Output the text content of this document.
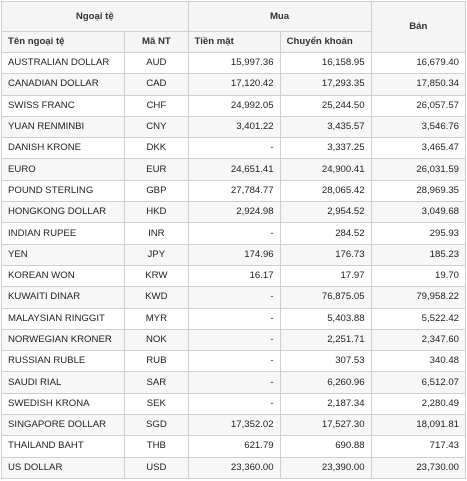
Ngoại tệ		Mua		Bán
Tên ngoại tệ	Mã NT	Tiền mặt	Chuyển khoản	
AUSTRALIAN DOLLAR	AUD	15,997.36	16,158.95	16,679.40
CANADIAN DOLLAR	CAD	17,120.42	17,293.35	17,850.34
SWISS FRANC	CHF	24,992.05	25,244.50	26,057.57
YUAN RENMINBI	CNY	3,401.22	3,435.57	3,546.76
DANISH KRONE	DKK	-	3,337.25	3,465.47
EURO	EUR	24,651.41	24,900.41	26,031.59
POUND STERLING	GBP	27,784.77	28,065.42	28,969.35
HONGKONG DOLLAR	HKD	2,924.98	2,954.52	3,049.68
INDIAN RUPEE	INR	-	284.52	295.93
YEN	JPY	174.96	176.73	185.23
KOREAN WON	KRW	16.17	17.97	19.70
KUWAITI DINAR	KWD	-	76,875.05	79,958.22
MALAYSIAN RINGGIT	MYR	-	5,403.88	5,522.42
NORWEGIAN KRONER	NOK	-	2,251.71	2,347.60
RUSSIAN RUBLE	RUB	-	307.53	340.48
SAUDI RIAL	SAR	-	6,260.96	6,512.07
SWEDISH KRONA	SEK	-	2,187.34	2,280.49
SINGAPORE DOLLAR	SGD	17,352.02	17,527.30	18,091.81
THAILAND BAHT	THB	621.79	690.88	717.43
US DOLLAR	USD	23,360.00	23,390.00	23,730.00
